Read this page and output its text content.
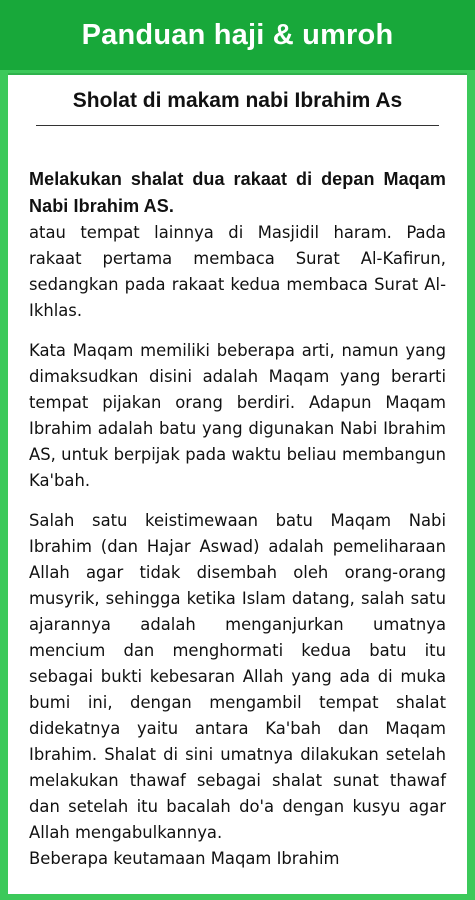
Panduan haji & umroh
Sholat di makam nabi Ibrahim As

Melakukan shalat dua rakaat di depan Maqam Nabi Ibrahim AS.
atau tempat lainnya di Masjidil haram. Pada rakaat pertama membaca Surat Al-Kafirun, sedangkan pada rakaat kedua membaca Surat Al-Ikhlas.

Kata Maqam memiliki beberapa arti, namun yang dimaksudkan disini adalah Maqam yang berarti tempat pijakan orang berdiri. Adapun Maqam Ibrahim adalah batu yang digunakan Nabi Ibrahim AS, untuk berpijak pada waktu beliau membangun Ka'bah.

Salah satu keistimewaan batu Maqam Nabi Ibrahim (dan Hajar Aswad) adalah pemeliharaan Allah agar tidak disembah oleh orang-orang musyrik, sehingga ketika Islam datang, salah satu ajarannya adalah menganjurkan umatnya mencium dan menghormati kedua batu itu sebagai bukti kebesaran Allah yang ada di muka bumi ini, dengan mengambil tempat shalat didekatnya yaitu antara Ka'bah dan Maqam Ibrahim. Shalat di sini umatnya dilakukan setelah melakukan thawaf sebagai shalat sunat thawaf dan setelah itu bacalah do'a dengan kusyu agar Allah mengabulkannya.

Beberapa keutamaan Maqam Ibrahim
